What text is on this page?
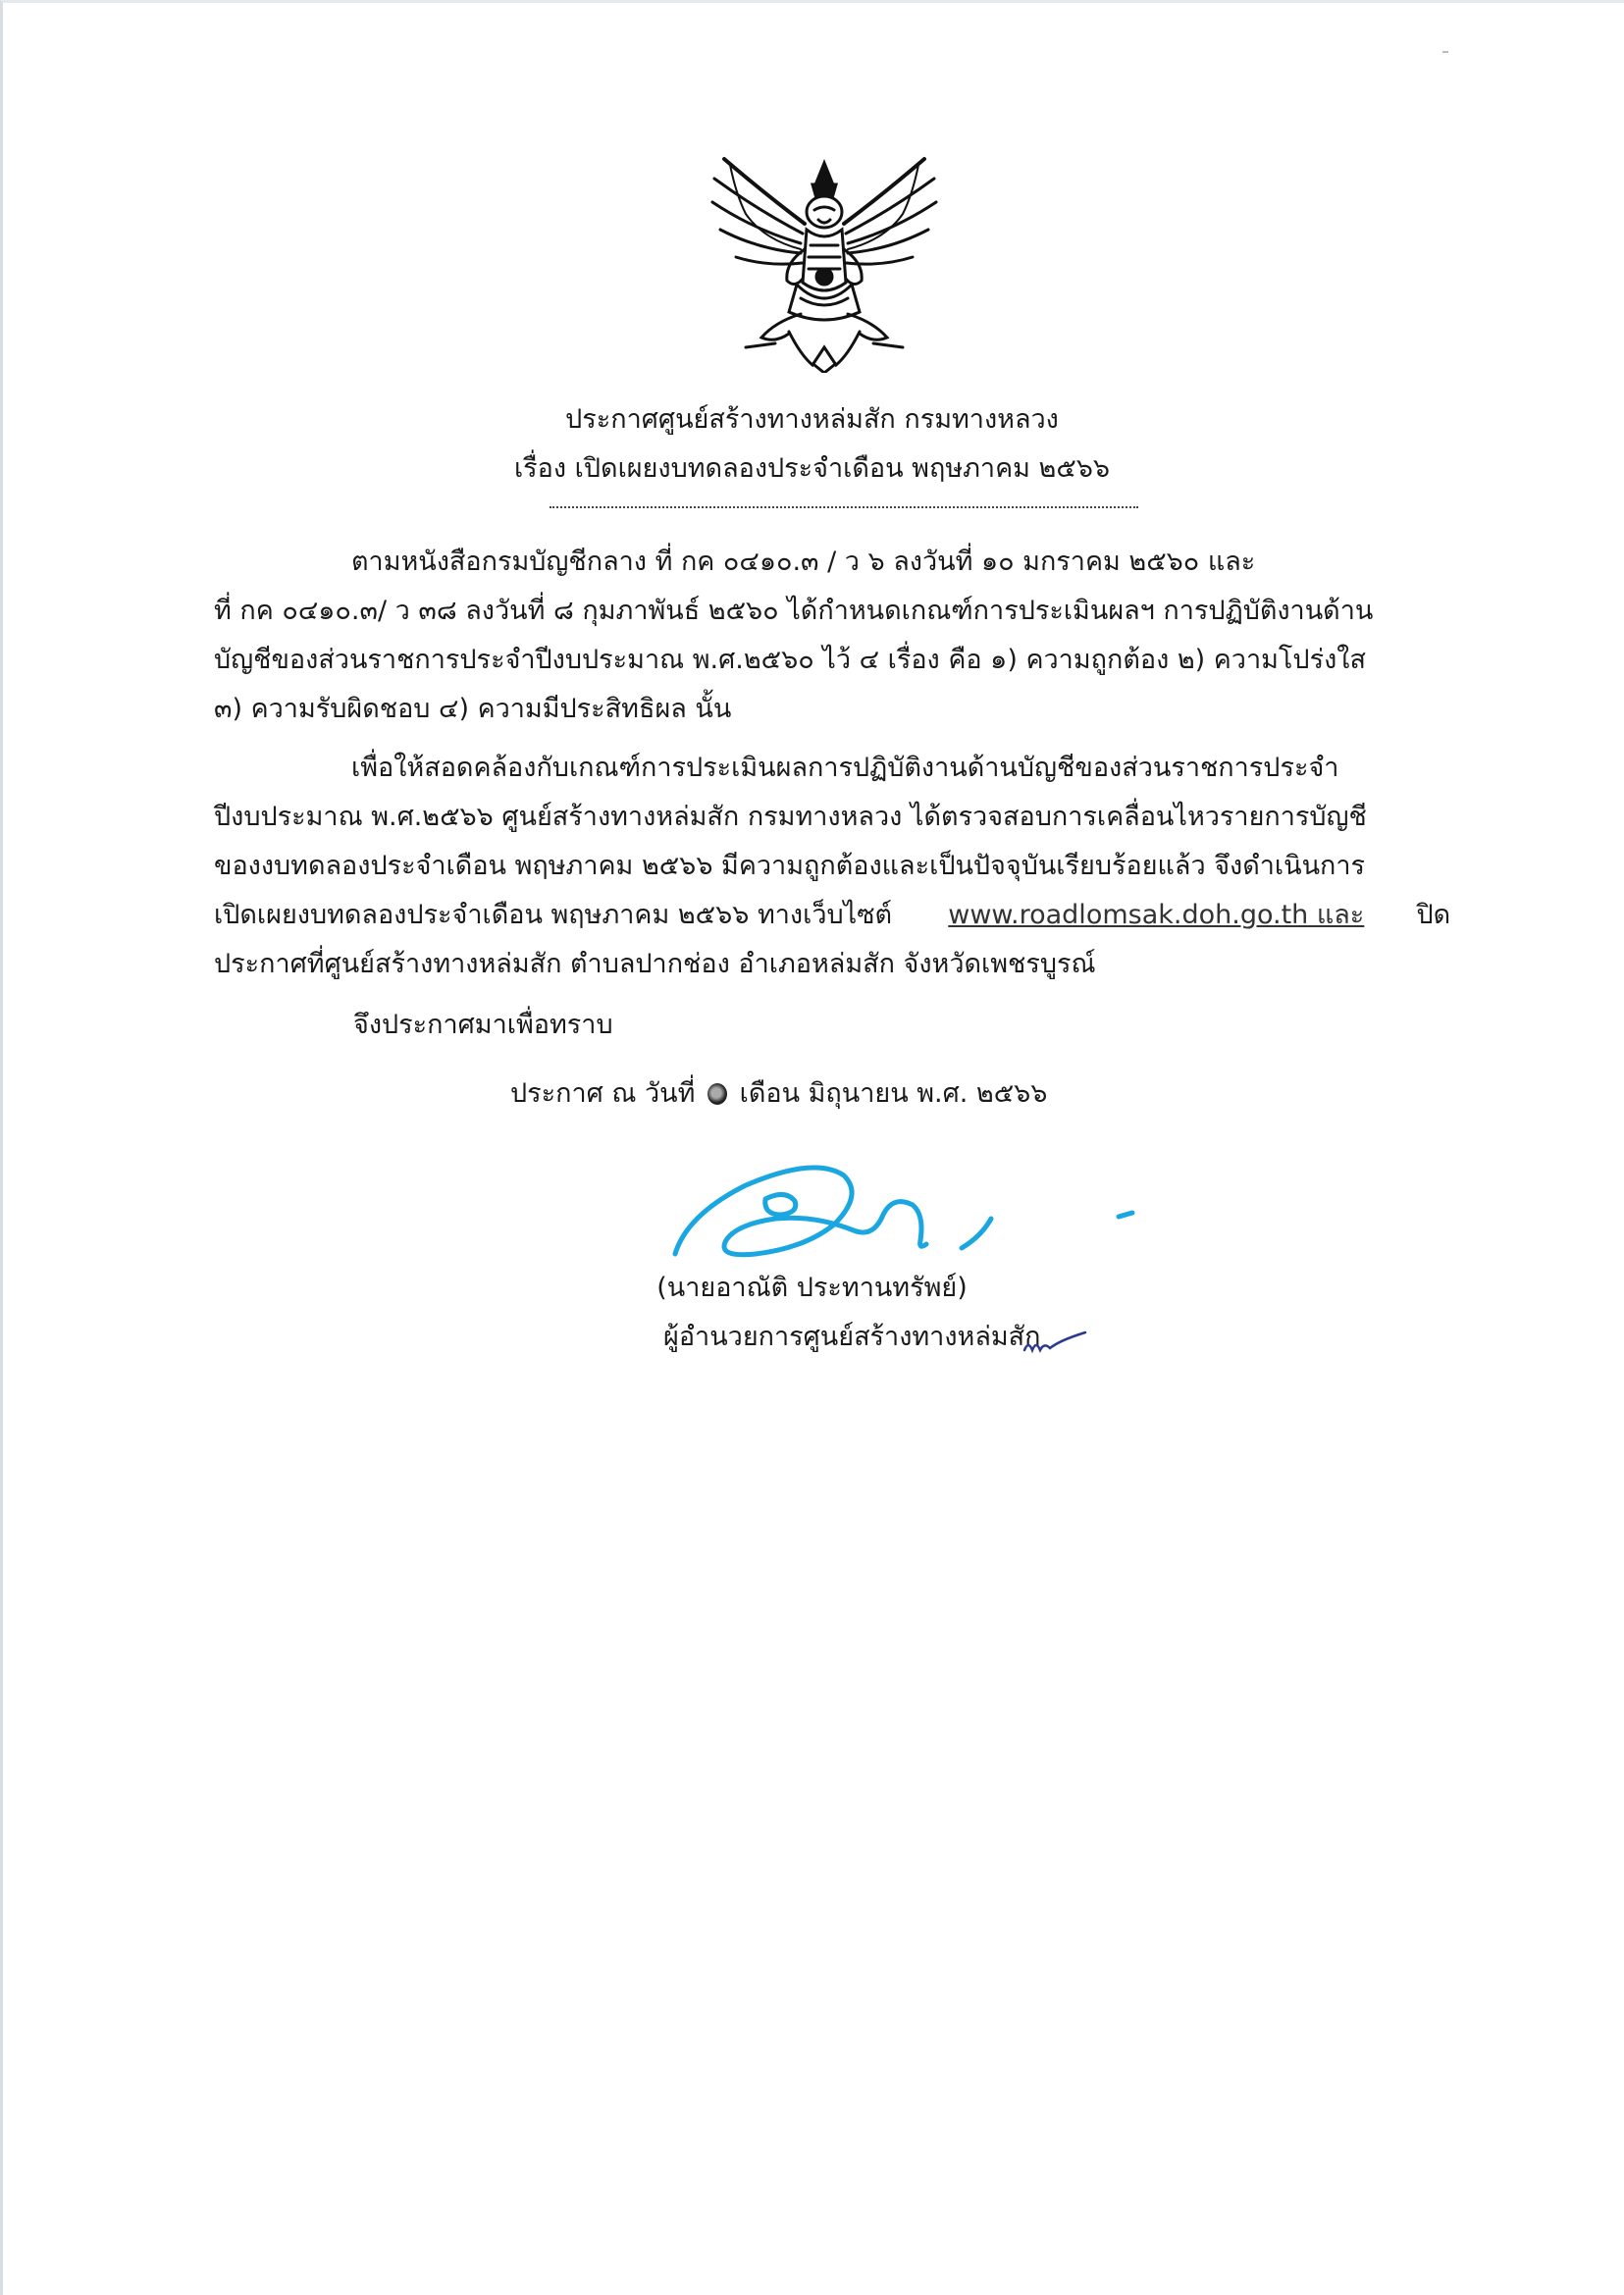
ประกาศศูนย์สร้างทางหล่มสัก กรมทางหลวง
เรื่อง เปิดเผยงบทดลองประจำเดือน พฤษภาคม ๒๕๖๖
ตามหนังสือกรมบัญชีกลาง ที่ กค ๐๔๑๐.๓ / ว ๖ ลงวันที่ ๑๐ มกราคม ๒๕๖๐ และ
ที่ กค ๐๔๑๐.๓/ ว ๓๘ ลงวันที่ ๘ กุมภาพันธ์ ๒๕๖๐ ได้กำหนดเกณฑ์การประเมินผลฯ การปฏิบัติงานด้าน
บัญชีของส่วนราชการประจำปีงบประมาณ พ.ศ.๒๕๖๐ ไว้ ๔ เรื่อง คือ ๑) ความถูกต้อง ๒) ความโปร่งใส
๓) ความรับผิดชอบ ๔) ความมีประสิทธิผล นั้น
เพื่อให้สอดคล้องกับเกณฑ์การประเมินผลการปฏิบัติงานด้านบัญชีของส่วนราชการประจำ
ปีงบประมาณ พ.ศ.๒๕๖๖ ศูนย์สร้างทางหล่มสัก กรมทางหลวง ได้ตรวจสอบการเคลื่อนไหวรายการบัญชี
ของงบทดลองประจำเดือน พฤษภาคม ๒๕๖๖ มีความถูกต้องและเป็นปัจจุบันเรียบร้อยแล้ว จึงดำเนินการ
เปิดเผยงบทดลองประจำเดือน พฤษภาคม ๒๕๖๖ ทางเว็บไซต์ www.roadlomsak.doh.go.th และ ปิด
ประกาศที่ศูนย์สร้างทางหล่มสัก ตำบลปากช่อง อำเภอหล่มสัก จังหวัดเพชรบูรณ์
จึงประกาศมาเพื่อทราบ
ประกาศ ณ วันที่ เดือน มิถุนายน พ.ศ. ๒๕๖๖
(นายอาณัติ ประทานทรัพย์)
ผู้อำนวยการศูนย์สร้างทางหล่มสัก
